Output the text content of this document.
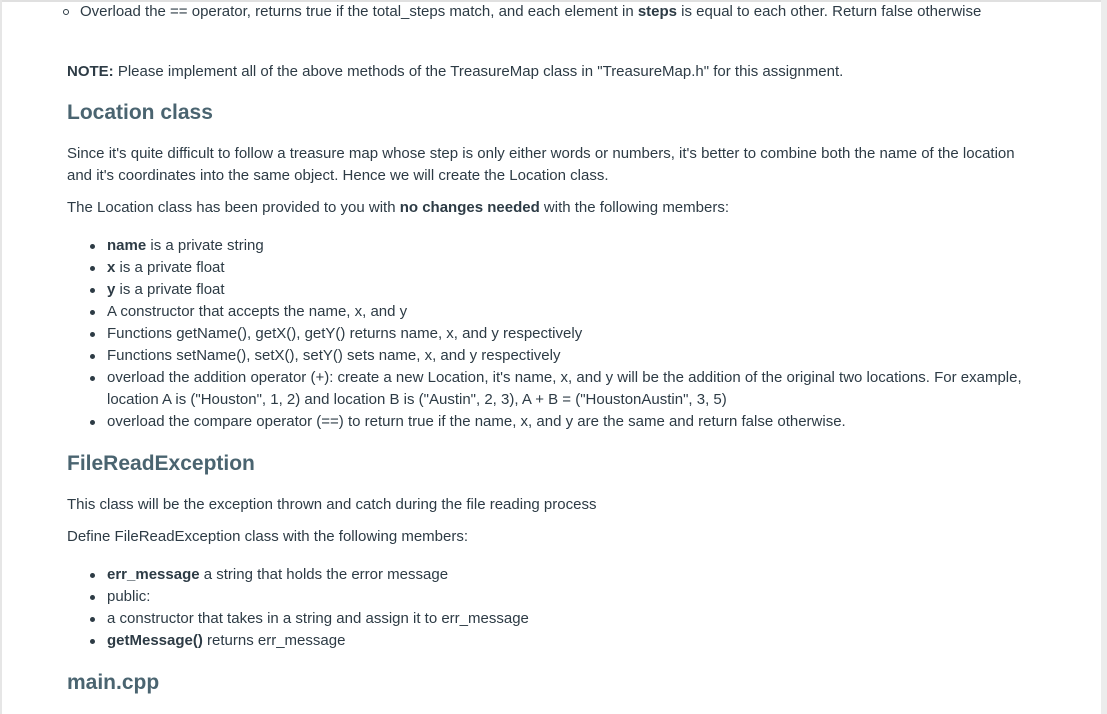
Overload the == operator, returns true if the total_steps match, and each element in steps is equal to each other. Return false otherwise

NOTE: Please implement all of the above methods of the TreasureMap class in "TreasureMap.h" for this assignment.

Location class

Since it's quite difficult to follow a treasure map whose step is only either words or numbers, it's better to combine both the name of the location and it's coordinates into the same object. Hence we will create the Location class.

The Location class has been provided to you with no changes needed with the following members:

name is a private string
x is a private float
y is a private float
A constructor that accepts the name, x, and y
Functions getName(), getX(), getY() returns name, x, and y respectively
Functions setName(), setX(), setY() sets name, x, and y respectively
overload the addition operator (+): create a new Location, it's name, x, and y will be the addition of the original two locations. For example, location A is ("Houston", 1, 2) and location B is ("Austin", 2, 3), A + B = ("HoustonAustin", 3, 5)
overload the compare operator (==) to return true if the name, x, and y are the same and return false otherwise.
FileReadException

This class will be the exception thrown and catch during the file reading process

Define FileReadException class with the following members:

err_message a string that holds the error message
public:
a constructor that takes in a string and assign it to err_message
getMessage() returns err_message
main.cpp
